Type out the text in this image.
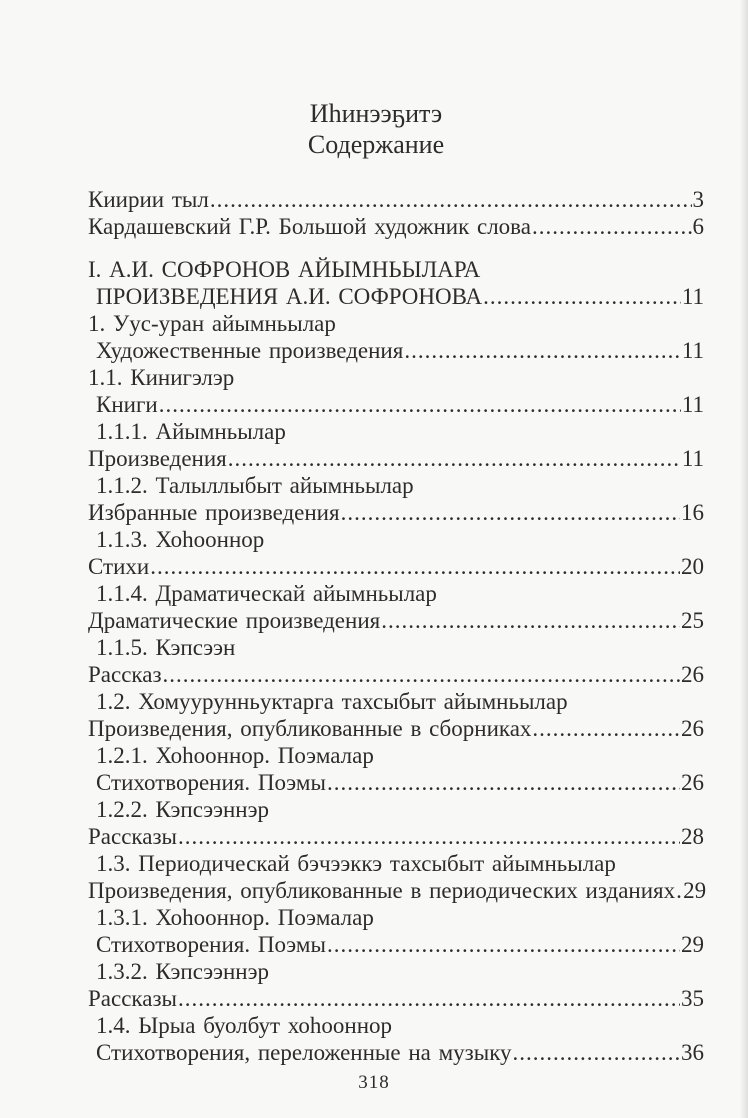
Иһинээҕитэ
Содержание
Киирии тыл .....	3
Кардашевский Г.Р. Большой художник слова .....	6
I. А.И. СОФРОНОВ АЙЫМНЬЫЛАРА
ПРОИЗВЕДЕНИЯ А.И. СОФРОНОВА .....	11
1. Уус-уран айымньылар
Художественные произведения .....	11
1.1. Кинигэлэр
Книги .....	11
1.1.1. Айымньылар
Произведения .....	11
1.1.2. Талыллыбыт айымньылар
Избранные произведения .....	16
1.1.3. Хоһооннор
Стихи .....	20
1.1.4. Драматическай айымньылар
Драматические произведения .....	25
1.1.5. Кэпсээн
Рассказ .....	26
1.2. Хомуурунньуктарга тахсыбыт айымньылар
Произведения, опубликованные в сборниках .....	26
1.2.1. Хоһооннор. Поэмалар
Стихотворения. Поэмы .....	26
1.2.2. Кэпсээннэр
Рассказы .....	28
1.3. Периодическай бэчээккэ тахсыбыт айымньылар
Произведения, опубликованные в периодических изданиях ..... 29
1.3.1. Хоһооннор. Поэмалар
Стихотворения. Поэмы .....	29
1.3.2. Кэпсээннэр
Рассказы .....	35
1.4. Ырыа буолбут хоһооннор
Стихотворения, переложенные на музыку .....	36
318
